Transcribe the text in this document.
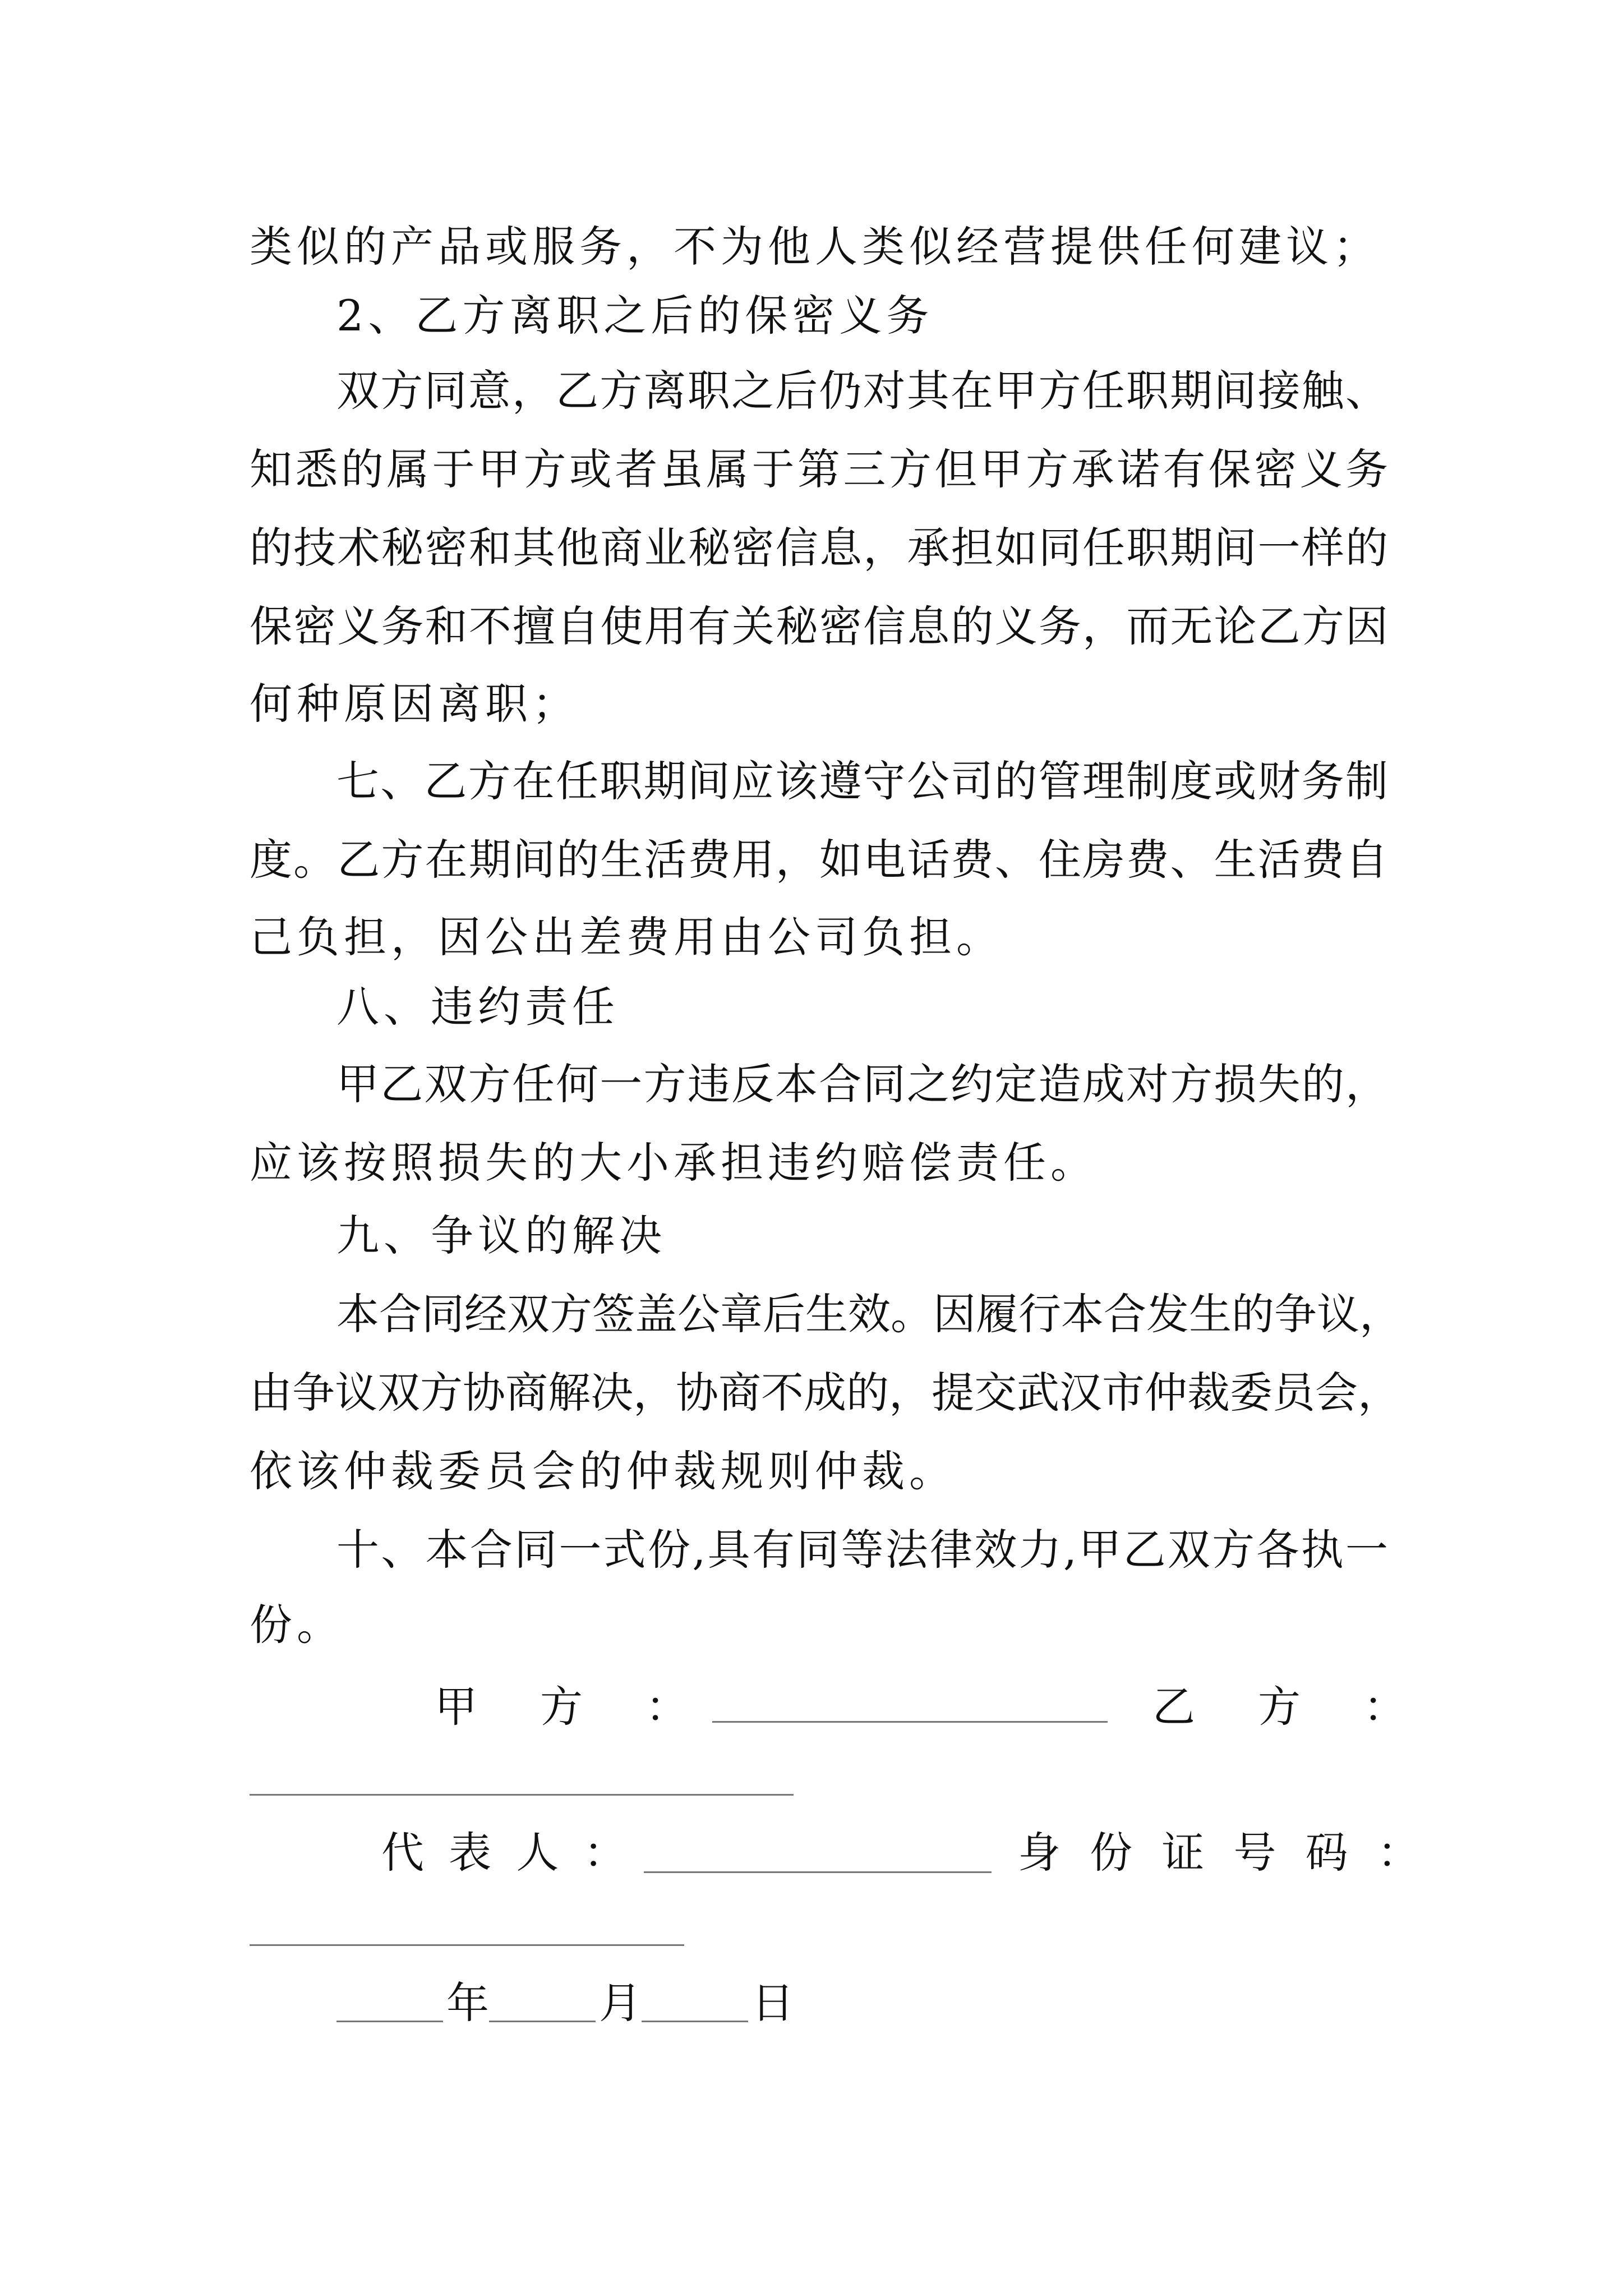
类似的产品或服务，不为他人类似经营提供任何建议；
2、乙方离职之后的保密义务
双方同意，乙方离职之后仍对其在甲方任职期间接触、
知悉的属于甲方或者虽属于第三方但甲方承诺有保密义务
的技术秘密和其他商业秘密信息，承担如同任职期间一样的
保密义务和不擅自使用有关秘密信息的义务，而无论乙方因
何种原因离职；
七、乙方在任职期间应该遵守公司的管理制度或财务制
度。乙方在期间的生活费用，如电话费、住房费、生活费自
己负担，因公出差费用由公司负担。
八、违约责任
甲乙双方任何一方违反本合同之约定造成对方损失的，
应该按照损失的大小承担违约赔偿责任。
九、争议的解决
本合同经双方签盖公章后生效。因履行本合发生的争议，
由争议双方协商解决，协商不成的，提交武汉市仲裁委员会，
依该仲裁委员会的仲裁规则仲裁。
十、本合同一式份,具有同等法律效力,甲乙双方各执一
份。
甲　方　：	乙　方　：
代 表 人 ：	身 份 证 号 码 ：
年	月	日
